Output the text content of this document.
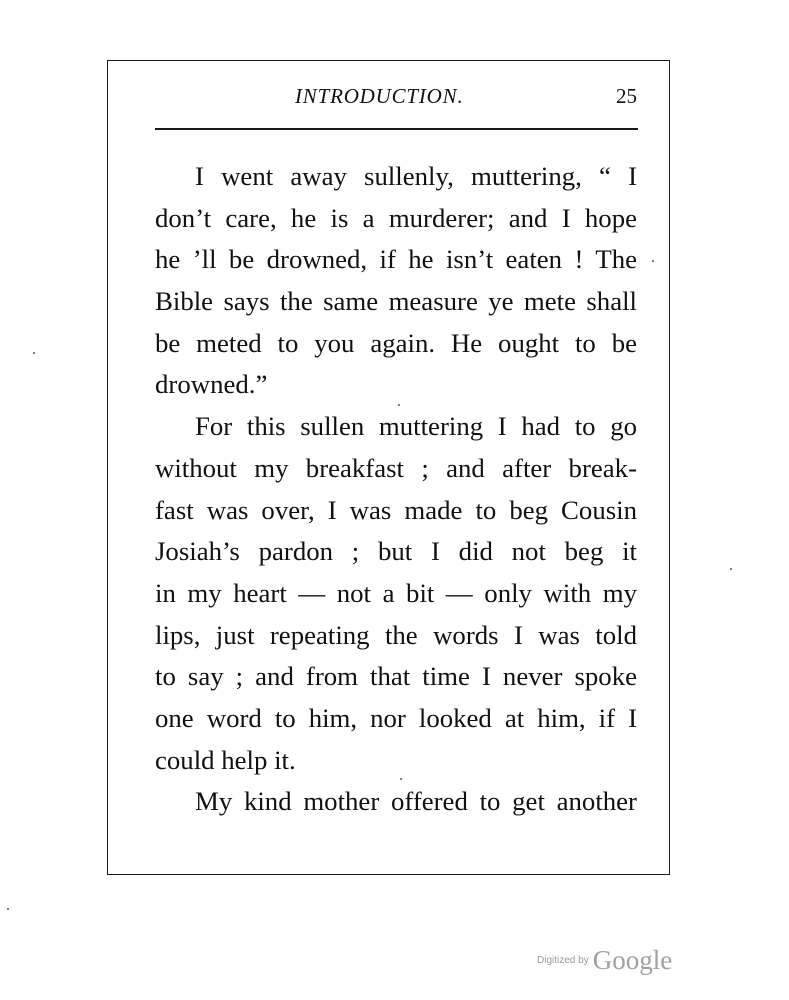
INTRODUCTION.	25

I went away sullenly, muttering, “ I
don’t care, he is a murderer; and I hope
he ’ll be drowned, if he isn’t eaten ! The
Bible says the same measure ye mete shall
be meted to you again. He ought to be
drowned.”

For this sullen muttering I had to go
without my breakfast ; and after break-
fast was over, I was made to beg Cousin
Josiah’s pardon ; but I did not beg it
in my heart — not a bit — only with my
lips, just repeating the words I was told
to say ; and from that time I never spoke
one word to him, nor looked at him, if I
could help it.

My kind mother offered to get another

Digitized by Google
